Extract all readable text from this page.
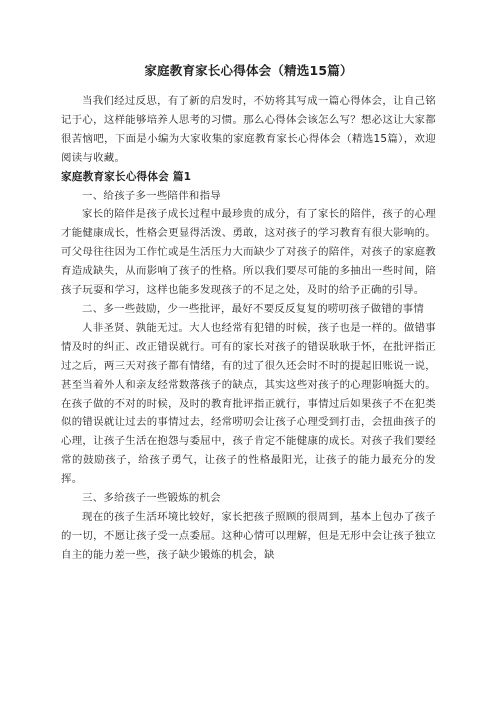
家庭教育家长心得体会（精选15篇）

当我们经过反思，有了新的启发时，不妨将其写成一篇心得体会，让自己铭记于心，这样能够培养人思考的习惯。那么心得体会该怎么写？想必这让大家都很苦恼吧，下面是小编为大家收集的家庭教育家长心得体会（精选15篇），欢迎阅读与收藏。

家庭教育家长心得体会 篇1

一、给孩子多一些陪伴和指导

家长的陪伴是孩子成长过程中最珍贵的成分，有了家长的陪伴，孩子的心理才能健康成长，性格会更显得活泼、勇敢，这对孩子的学习教育有很大影响的。可父母往往因为工作忙或是生活压力大而缺少了对孩子的陪伴，对孩子的家庭教育造成缺失，从而影响了孩子的性格。所以我们要尽可能的多抽出一些时间，陪孩子玩耍和学习，这样也能多发现孩子的不足之处，及时的给予正确的引导。

二、多一些鼓励，少一些批评，最好不要反反复复的唠叨孩子做错的事情

人非圣贤、孰能无过。大人也经常有犯错的时候，孩子也是一样的。做错事情及时的纠正、改正错误就行。可有的家长对孩子的错误耿耿于怀，在批评指正过之后，两三天对孩子都有情绪，有的过了很久还会时不时的提起旧账说一说，甚至当着外人和亲友经常数落孩子的缺点，其实这些对孩子的心理影响挺大的。在孩子做的不对的时候，及时的教育批评指正就行，事情过后如果孩子不在犯类似的错误就让过去的事情过去，经常唠叨会让孩子心理受到打击，会扭曲孩子的心理，让孩子生活在抱怨与委屈中，孩子肯定不能健康的成长。对孩子我们要经常的鼓励孩子，给孩子勇气，让孩子的性格最阳光，让孩子的能力最充分的发挥。

三、多给孩子一些锻炼的机会

现在的孩子生活环境比较好，家长把孩子照顾的很周到，基本上包办了孩子的一切，不愿让孩子受一点委屈。这种心情可以理解，但是无形中会让孩子独立自主的能力差一些，孩子缺少锻炼的机会，缺
